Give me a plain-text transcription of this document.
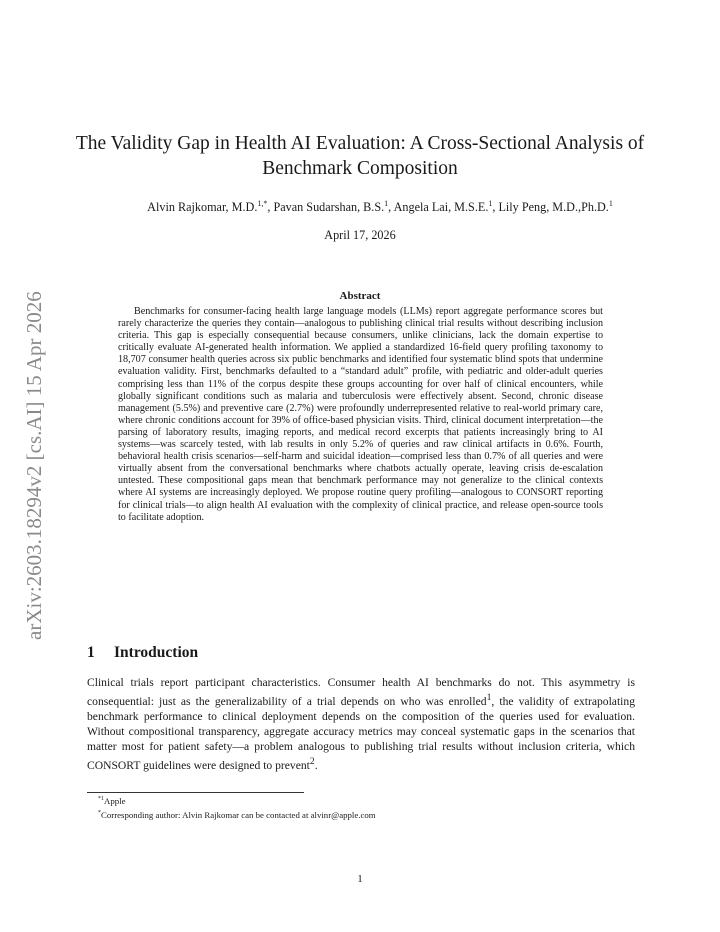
arXiv:2603.18294v2 [cs.AI] 15 Apr 2026
The Validity Gap in Health AI Evaluation: A Cross-Sectional Analysis of Benchmark Composition
Alvin Rajkomar, M.D.$^{1,*}$, Pavan Sudarshan, B.S.$^1$, Angela Lai, M.S.E.$^1$, Lily Peng, M.D.,Ph.D.$^1$
April 17, 2026
Abstract
Benchmarks for consumer-facing health large language models (LLMs) report aggregate performance scores but rarely characterize the queries they contain—analogous to publishing clinical trial results without describing inclusion criteria. This gap is especially consequential because consumers, unlike clinicians, lack the domain expertise to critically evaluate AI-generated health information. We applied a standardized 16-field query profiling taxonomy to 18,707 consumer health queries across six public benchmarks and identified four systematic blind spots that undermine evaluation validity. First, benchmarks defaulted to a “standard adult” profile, with pediatric and older-adult queries comprising less than 11% of the corpus despite these groups accounting for over half of clinical encounters, while globally significant conditions such as malaria and tuberculosis were effectively absent. Second, chronic disease management (5.5%) and preventive care (2.7%) were profoundly underrepresented relative to real-world primary care, where chronic conditions account for 39% of office-based physician visits. Third, clinical document interpretation—the parsing of laboratory results, imaging reports, and medical record excerpts that patients increasingly bring to AI systems—was scarcely tested, with lab results in only 5.2% of queries and raw clinical artifacts in 0.6%. Fourth, behavioral health crisis scenarios—self-harm and suicidal ideation—comprised less than 0.7% of all queries and were virtually absent from the conversational benchmarks where chatbots actually operate, leaving crisis de-escalation untested. These compositional gaps mean that benchmark performance may not generalize to the clinical contexts where AI systems are increasingly deployed. We propose routine query profiling—analogous to CONSORT reporting for clinical trials—to align health AI evaluation with the complexity of clinical practice, and release open-source tools to facilitate adoption.
1 Introduction
Clinical trials report participant characteristics. Consumer health AI benchmarks do not. This asymmetry is consequential: just as the generalizability of a trial depends on who was enrolled$^1$, the validity of extrapolating benchmark performance to clinical deployment depends on the composition of the queries used for evaluation. Without compositional transparency, aggregate accuracy metrics may conceal systematic gaps in the scenarios that matter most for patient safety—a problem analogous to publishing trial results without inclusion criteria, which CONSORT guidelines were designed to prevent$^2$.
$^{*1}$Apple
*Corresponding author: Alvin Rajkomar can be contacted at alvinr@apple.com
1
